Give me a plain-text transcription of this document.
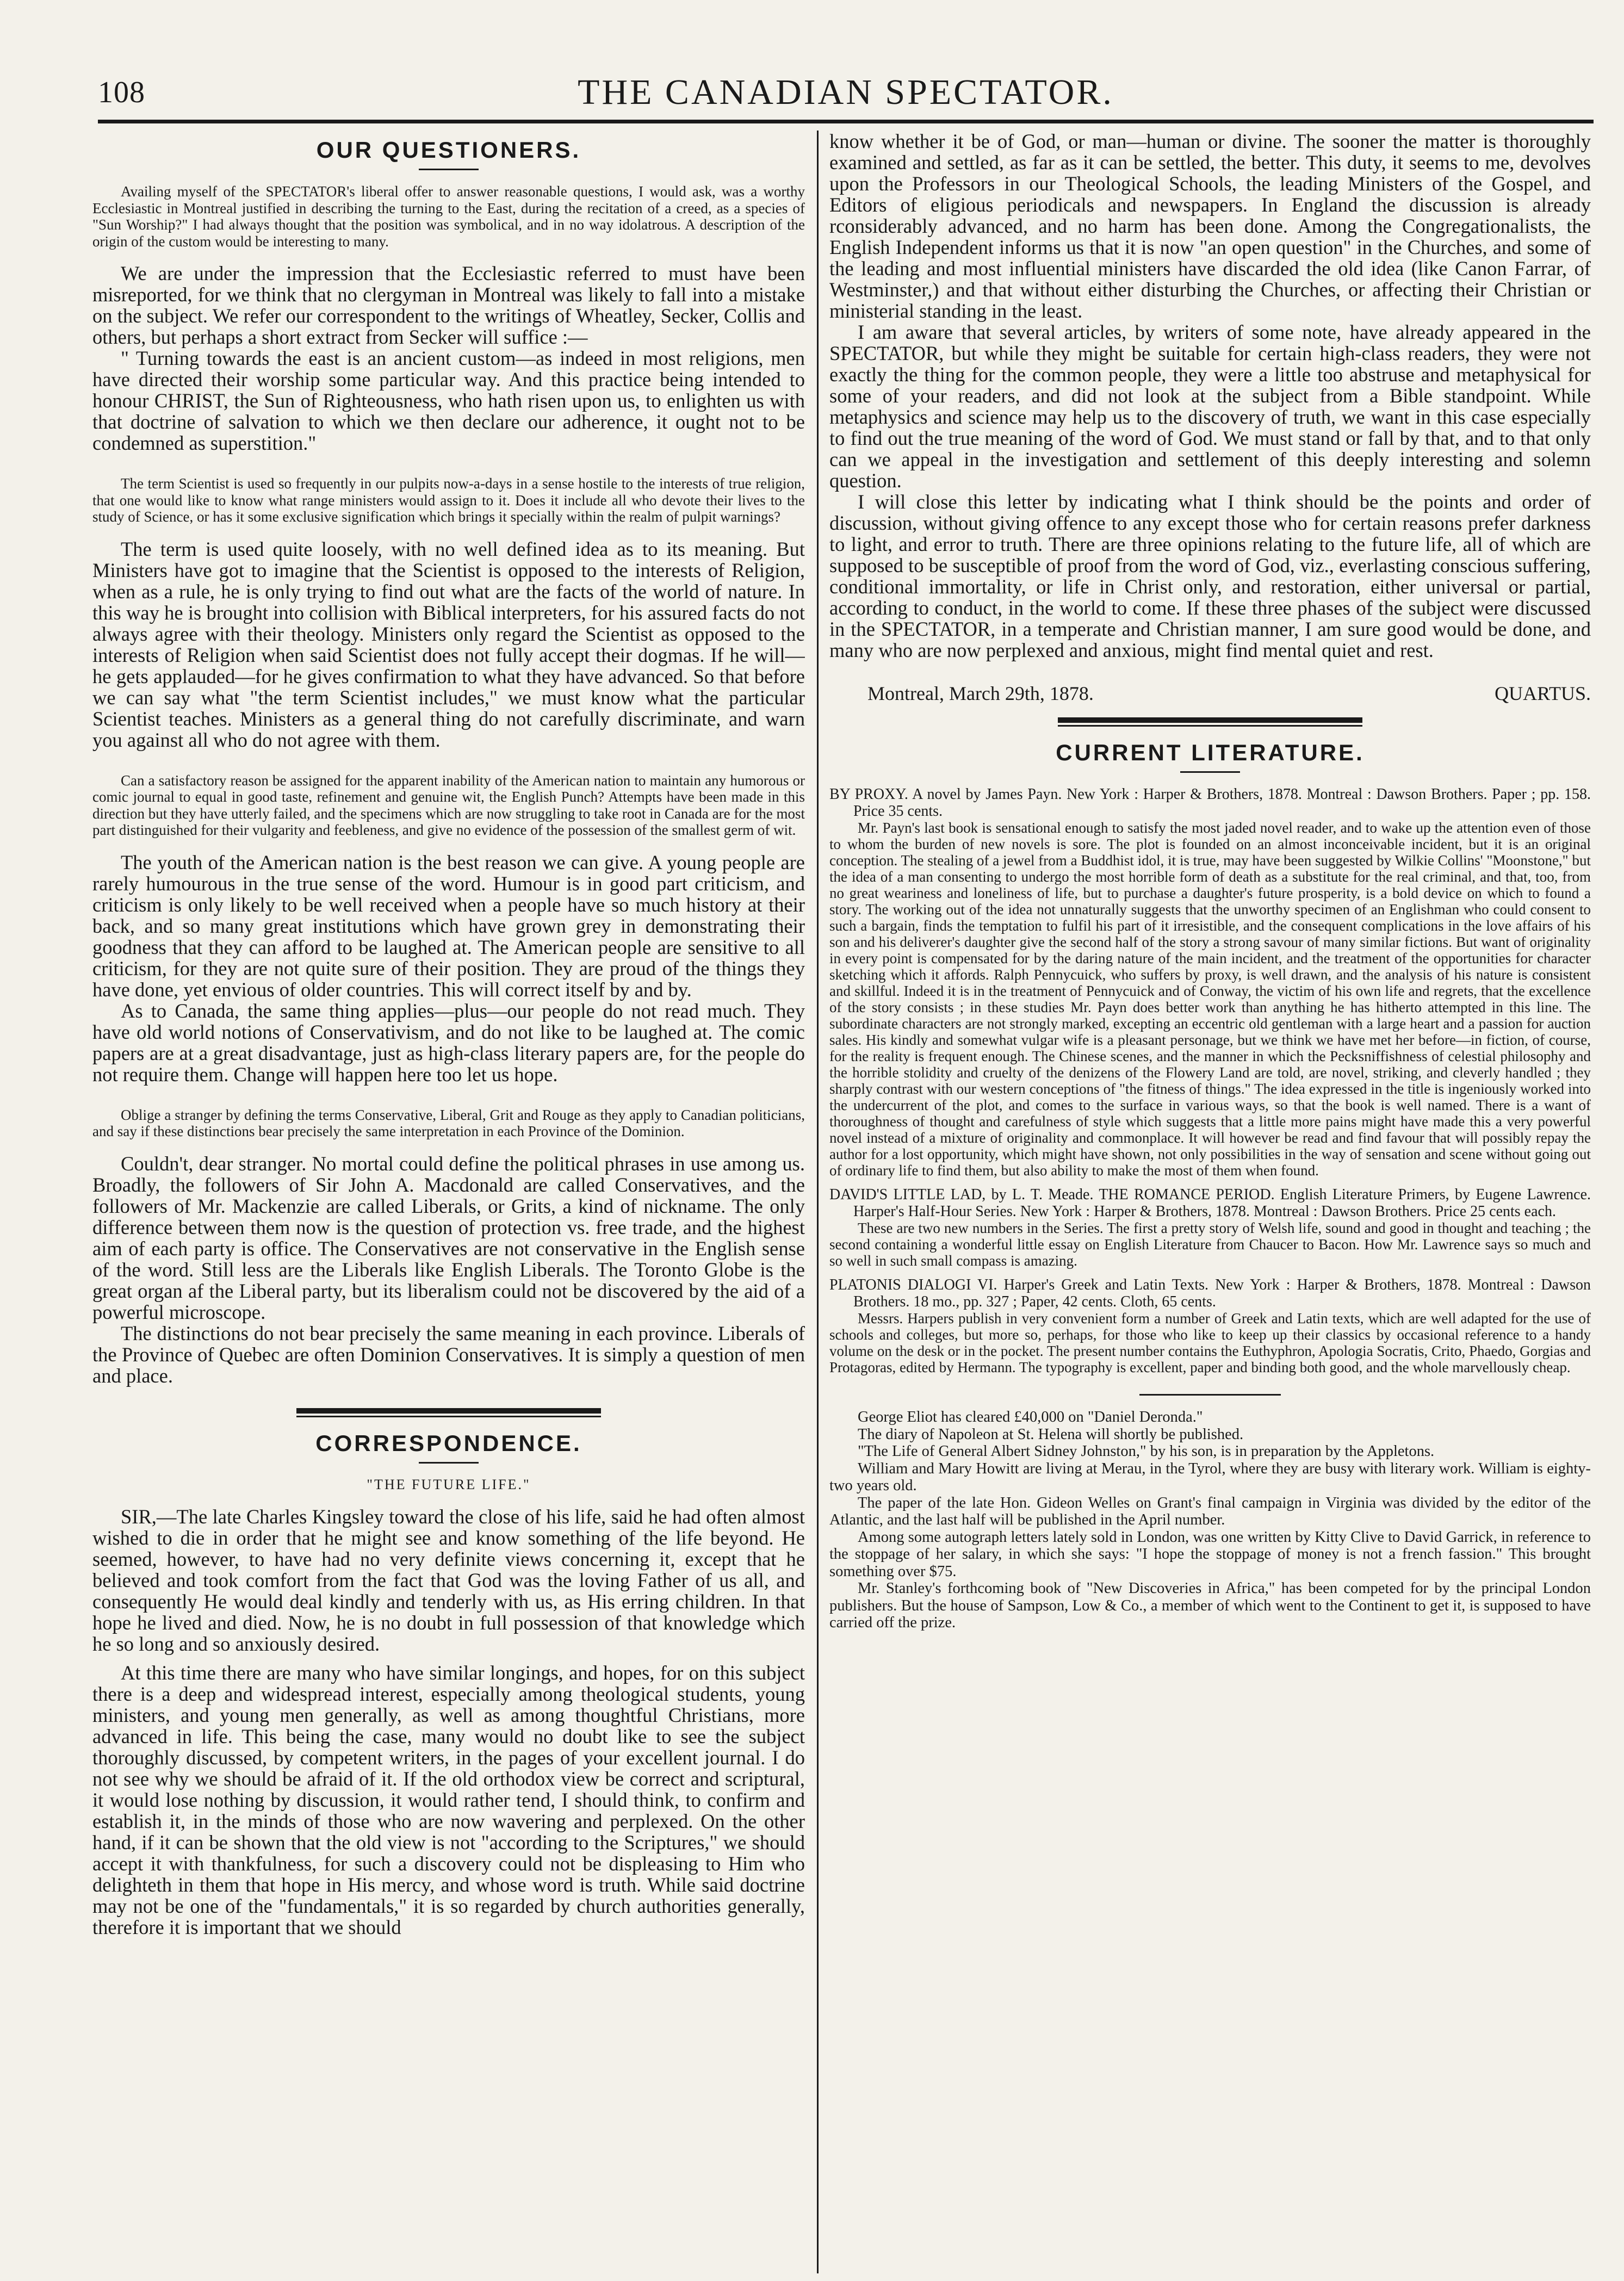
108	THE CANADIAN SPECTATOR.
OUR QUESTIONERS.

Availing myself of the SPECTATOR's liberal offer to answer reasonable questions, I would ask, was a worthy Ecclesiastic in Montreal justified in describing the turning to the East, during the recitation of a creed, as a species of "Sun Worship?" I had always thought that the position was symbolical, and in no way idolatrous. A description of the origin of the custom would be interesting to many.

We are under the impression that the Ecclesiastic referred to must have been misreported, for we think that no clergyman in Montreal was likely to fall into a mistake on the subject. We refer our correspondent to the writings of Wheatley, Secker, Collis and others, but perhaps a short extract from Secker will suffice :—

" Turning towards the east is an ancient custom—as indeed in most religions, men have directed their worship some particular way. And this practice being intended to honour CHRIST, the Sun of Righteousness, who hath risen upon us, to enlighten us with that doctrine of salvation to which we then declare our adherence, it ought not to be condemned as superstition."

The term Scientist is used so frequently in our pulpits now-a-days in a sense hostile to the interests of true religion, that one would like to know what range ministers would assign to it. Does it include all who devote their lives to the study of Science, or has it some exclusive signification which brings it specially within the realm of pulpit warnings?

The term is used quite loosely, with no well defined idea as to its meaning. But Ministers have got to imagine that the Scientist is opposed to the interests of Religion, when as a rule, he is only trying to find out what are the facts of the world of nature. In this way he is brought into collision with Biblical interpreters, for his assured facts do not always agree with their theology. Ministers only regard the Scientist as opposed to the interests of Religion when said Scientist does not fully accept their dogmas. If he will—he gets applauded—for he gives confirmation to what they have advanced. So that before we can say what "the term Scientist includes," we must know what the particular Scientist teaches. Ministers as a general thing do not carefully discriminate, and warn you against all who do not agree with them.

Can a satisfactory reason be assigned for the apparent inability of the American nation to maintain any humorous or comic journal to equal in good taste, refinement and genuine wit, the English Punch? Attempts have been made in this direction but they have utterly failed, and the specimens which are now struggling to take root in Canada are for the most part distinguished for their vulgarity and feebleness, and give no evidence of the possession of the smallest germ of wit.

The youth of the American nation is the best reason we can give. A young people are rarely humourous in the true sense of the word. Humour is in good part criticism, and criticism is only likely to be well received when a people have so much history at their back, and so many great institutions which have grown grey in demonstrating their goodness that they can afford to be laughed at. The American people are sensitive to all criticism, for they are not quite sure of their position. They are proud of the things they have done, yet envious of older countries. This will correct itself by and by.

As to Canada, the same thing applies—plus—our people do not read much. They have old world notions of Conservativism, and do not like to be laughed at. The comic papers are at a great disadvantage, just as high-class literary papers are, for the people do not require them. Change will happen here too let us hope.

Oblige a stranger by defining the terms Conservative, Liberal, Grit and Rouge as they apply to Canadian politicians, and say if these distinctions bear precisely the same interpretation in each Province of the Dominion.

Couldn't, dear stranger. No mortal could define the political phrases in use among us. Broadly, the followers of Sir John A. Macdonald are called Conservatives, and the followers of Mr. Mackenzie are called Liberals, or Grits, a kind of nickname. The only difference between them now is the question of protection vs. free trade, and the highest aim of each party is office. The Conservatives are not conservative in the English sense of the word. Still less are the Liberals like English Liberals. The Toronto Globe is the great organ af the Liberal party, but its liberalism could not be discovered by the aid of a powerful microscope.

The distinctions do not bear precisely the same meaning in each province. Liberals of the Province of Quebec are often Dominion Conservatives. It is simply a question of men and place.

CORRESPONDENCE.
"THE FUTURE LIFE."

SIR,—The late Charles Kingsley toward the close of his life, said he had often almost wished to die in order that he might see and know something of the life beyond. He seemed, however, to have had no very definite views concerning it, except that he believed and took comfort from the fact that God was the loving Father of us all, and consequently He would deal kindly and tenderly with us, as His erring children. In that hope he lived and died. Now, he is no doubt in full possession of that knowledge which he so long and so anxiously desired.

At this time there are many who have similar longings, and hopes, for on this subject there is a deep and widespread interest, especially among theological students, young ministers, and young men generally, as well as among thoughtful Christians, more advanced in life. This being the case, many would no doubt like to see the subject thoroughly discussed, by competent writers, in the pages of your excellent journal. I do not see why we should be afraid of it. If the old orthodox view be correct and scriptural, it would lose nothing by discussion, it would rather tend, I should think, to confirm and establish it, in the minds of those who are now wavering and perplexed. On the other hand, if it can be shown that the old view is not "according to the Scriptures," we should accept it with thankfulness, for such a discovery could not be displeasing to Him who delighteth in them that hope in His mercy, and whose word is truth. While said doctrine may not be one of the "fundamentals," it is so regarded by church authorities generally, therefore it is important that we should

know whether it be of God, or man—human or divine. The sooner the matter is thoroughly examined and settled, as far as it can be settled, the better. This duty, it seems to me, devolves upon the Professors in our Theological Schools, the leading Ministers of the Gospel, and Editors of eligious periodicals and newspapers. In England the discussion is already rconsiderably advanced, and no harm has been done. Among the Congregationalists, the English Independent informs us that it is now "an open question" in the Churches, and some of the leading and most influential ministers have discarded the old idea (like Canon Farrar, of Westminster,) and that without either disturbing the Churches, or affecting their Christian or ministerial standing in the least.

I am aware that several articles, by writers of some note, have already appeared in the SPECTATOR, but while they might be suitable for certain high-class readers, they were not exactly the thing for the common people, they were a little too abstruse and metaphysical for some of your readers, and did not look at the subject from a Bible standpoint. While metaphysics and science may help us to the discovery of truth, we want in this case especially to find out the true meaning of the word of God. We must stand or fall by that, and to that only can we appeal in the investigation and settlement of this deeply interesting and solemn question.

I will close this letter by indicating what I think should be the points and order of discussion, without giving offence to any except those who for certain reasons prefer darkness to light, and error to truth. There are three opinions relating to the future life, all of which are supposed to be susceptible of proof from the word of God, viz., everlasting conscious suffering, conditional immortality, or life in Christ only, and restoration, either universal or partial, according to conduct, in the world to come. If these three phases of the subject were discussed in the SPECTATOR, in a temperate and Christian manner, I am sure good would be done, and many who are now perplexed and anxious, might find mental quiet and rest.

Montreal, March 29th, 1878.	QUARTUS.
CURRENT LITERATURE.

BY PROXY. A novel by James Payn. New York : Harper & Brothers, 1878. Montreal : Dawson Brothers. Paper ; pp. 158. Price 35 cents.

Mr. Payn's last book is sensational enough to satisfy the most jaded novel reader, and to wake up the attention even of those to whom the burden of new novels is sore. The plot is founded on an almost inconceivable incident, but it is an original conception. The stealing of a jewel from a Buddhist idol, it is true, may have been suggested by Wilkie Collins' "Moonstone," but the idea of a man consenting to undergo the most horrible form of death as a substitute for the real criminal, and that, too, from no great weariness and loneliness of life, but to purchase a daughter's future prosperity, is a bold device on which to found a story. The working out of the idea not unnaturally suggests that the unworthy specimen of an Englishman who could consent to such a bargain, finds the temptation to fulfil his part of it irresistible, and the consequent complications in the love affairs of his son and his deliverer's daughter give the second half of the story a strong savour of many similar fictions. But want of originality in every point is compensated for by the daring nature of the main incident, and the treatment of the opportunities for character sketching which it affords. Ralph Pennycuick, who suffers by proxy, is well drawn, and the analysis of his nature is consistent and skillful. Indeed it is in the treatment of Pennycuick and of Conway, the victim of his own life and regrets, that the excellence of the story consists ; in these studies Mr. Payn does better work than anything he has hitherto attempted in this line. The subordinate characters are not strongly marked, excepting an eccentric old gentleman with a large heart and a passion for auction sales. His kindly and somewhat vulgar wife is a pleasant personage, but we think we have met her before—in fiction, of course, for the reality is frequent enough. The Chinese scenes, and the manner in which the Pecksniffishness of celestial philosophy and the horrible stolidity and cruelty of the denizens of the Flowery Land are told, are novel, striking, and cleverly handled ; they sharply contrast with our western conceptions of "the fitness of things." The idea expressed in the title is ingeniously worked into the undercurrent of the plot, and comes to the surface in various ways, so that the book is well named. There is a want of thoroughness of thought and carefulness of style which suggests that a little more pains might have made this a very powerful novel instead of a mixture of originality and commonplace. It will however be read and find favour that will possibly repay the author for a lost opportunity, which might have shown, not only possibilities in the way of sensation and scene without going out of ordinary life to find them, but also ability to make the most of them when found.

DAVID'S LITTLE LAD, by L. T. Meade. THE ROMANCE PERIOD. English Literature Primers, by Eugene Lawrence. Harper's Half-Hour Series. New York : Harper & Brothers, 1878. Montreal : Dawson Brothers. Price 25 cents each.

These are two new numbers in the Series. The first a pretty story of Welsh life, sound and good in thought and teaching ; the second containing a wonderful little essay on English Literature from Chaucer to Bacon. How Mr. Lawrence says so much and so well in such small compass is amazing.

PLATONIS DIALOGI VI. Harper's Greek and Latin Texts. New York : Harper & Brothers, 1878. Montreal : Dawson Brothers. 18 mo., pp. 327 ; Paper, 42 cents. Cloth, 65 cents.

Messrs. Harpers publish in very convenient form a number of Greek and Latin texts, which are well adapted for the use of schools and colleges, but more so, perhaps, for those who like to keep up their classics by occasional reference to a handy volume on the desk or in the pocket. The present number contains the Euthyphron, Apologia Socratis, Crito, Phaedo, Gorgias and Protagoras, edited by Hermann. The typography is excellent, paper and binding both good, and the whole marvellously cheap.

George Eliot has cleared £40,000 on "Daniel Deronda."

The diary of Napoleon at St. Helena will shortly be published.

"The Life of General Albert Sidney Johnston," by his son, is in preparation by the Appletons.

William and Mary Howitt are living at Merau, in the Tyrol, where they are busy with literary work. William is eighty-two years old.

The paper of the late Hon. Gideon Welles on Grant's final campaign in Virginia was divided by the editor of the Atlantic, and the last half will be published in the April number.

Among some autograph letters lately sold in London, was one written by Kitty Clive to David Garrick, in reference to the stoppage of her salary, in which she says: "I hope the stoppage of money is not a french fassion." This brought something over $75.

Mr. Stanley's forthcoming book of "New Discoveries in Africa," has been competed for by the principal London publishers. But the house of Sampson, Low & Co., a member of which went to the Continent to get it, is supposed to have carried off the prize.
